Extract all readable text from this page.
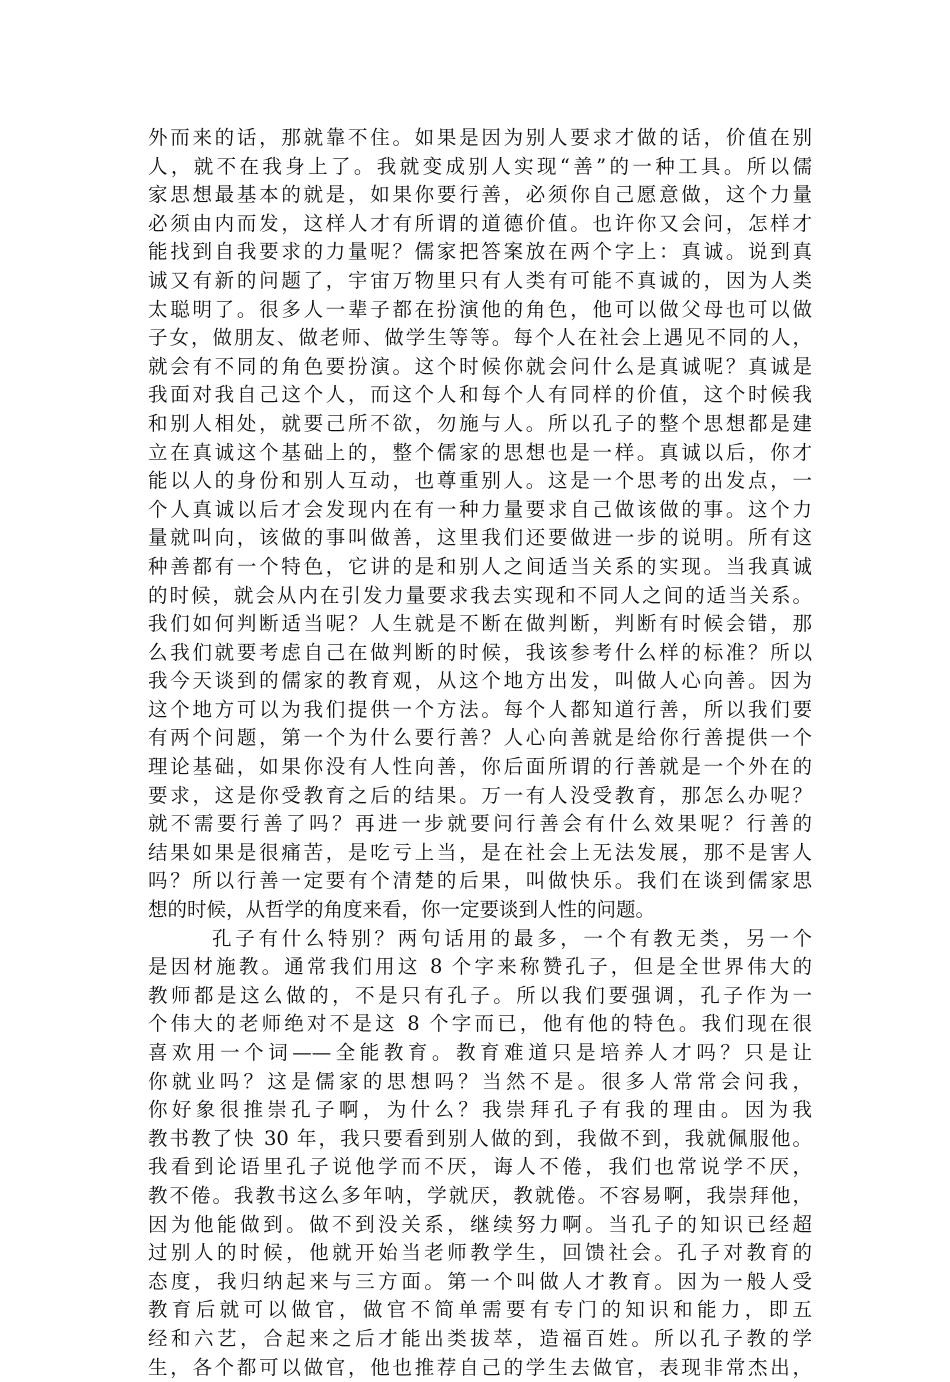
外而来的话，那就靠不住。如果是因为别人要求才做的话，价值在别
人，就不在我身上了。我就变成别人实现“善”的一种工具。所以儒
家思想最基本的就是，如果你要行善，必须你自己愿意做，这个力量
必须由内而发，这样人才有所谓的道德价值。也许你又会问，怎样才
能找到自我要求的力量呢？儒家把答案放在两个字上：真诚。说到真
诚又有新的问题了，宇宙万物里只有人类有可能不真诚的，因为人类
太聪明了。很多人一辈子都在扮演他的角色，他可以做父母也可以做
子女，做朋友、做老师、做学生等等。每个人在社会上遇见不同的人，
就会有不同的角色要扮演。这个时候你就会问什么是真诚呢？真诚是
我面对我自己这个人，而这个人和每个人有同样的价值，这个时候我
和别人相处，就要己所不欲，勿施与人。所以孔子的整个思想都是建
立在真诚这个基础上的，整个儒家的思想也是一样。真诚以后，你才
能以人的身份和别人互动，也尊重别人。这是一个思考的出发点，一
个人真诚以后才会发现内在有一种力量要求自己做该做的事。这个力
量就叫向，该做的事叫做善，这里我们还要做进一步的说明。所有这
种善都有一个特色，它讲的是和别人之间适当关系的实现。当我真诚
的时候，就会从内在引发力量要求我去实现和不同人之间的适当关系。
我们如何判断适当呢？人生就是不断在做判断，判断有时候会错，那
么我们就要考虑自己在做判断的时候，我该参考什么样的标准？所以
我今天谈到的儒家的教育观，从这个地方出发，叫做人心向善。因为
这个地方可以为我们提供一个方法。每个人都知道行善，所以我们要
有两个问题，第一个为什么要行善？人心向善就是给你行善提供一个
理论基础，如果你没有人性向善，你后面所谓的行善就是一个外在的
要求，这是你受教育之后的结果。万一有人没受教育，那怎么办呢？
就不需要行善了吗？再进一步就要问行善会有什么效果呢？行善的
结果如果是很痛苦，是吃亏上当，是在社会上无法发展，那不是害人
吗？所以行善一定要有个清楚的后果，叫做快乐。我们在谈到儒家思
想的时候，从哲学的角度来看，你一定要谈到人性的问题。
孔子有什么特别？两句话用的最多，一个有教无类，另一个
是因材施教。通常我们用这 8 个字来称赞孔子，但是全世界伟大的
教师都是这么做的，不是只有孔子。所以我们要强调，孔子作为一
个伟大的老师绝对不是这 8 个字而已，他有他的特色。我们现在很
喜欢用一个词——全能教育。教育难道只是培养人才吗？只是让
你就业吗？这是儒家的思想吗？当然不是。很多人常常会问我，
你好象很推崇孔子啊，为什么？我崇拜孔子有我的理由。因为我
教书教了快 30 年，我只要看到别人做的到，我做不到，我就佩服他。
我看到论语里孔子说他学而不厌，诲人不倦，我们也常说学不厌，
教不倦。我教书这么多年呐，学就厌，教就倦。不容易啊，我崇拜他，
因为他能做到。做不到没关系，继续努力啊。当孔子的知识已经超
过别人的时候，他就开始当老师教学生，回馈社会。孔子对教育的
态度，我归纳起来与三方面。第一个叫做人才教育。因为一般人受
教育后就可以做官，做官不简单需要有专门的知识和能力，即五
经和六艺，合起来之后才能出类拔萃，造福百姓。所以孔子教的学
生，各个都可以做官，他也推荐自己的学生去做官，表现非常杰出，
